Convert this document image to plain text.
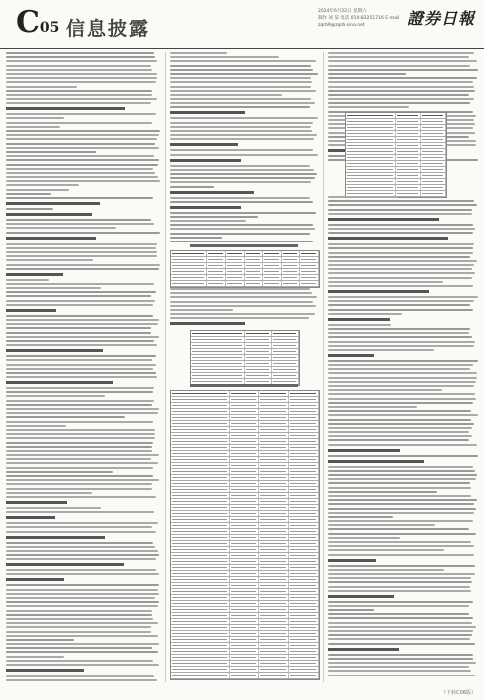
C05 信息披露
2024年6月22日 星期六
制作 刘 某 电话 010-83251716 E-mail zqrb9@zqrb.sina.net	證券日報
（下转C06版）
